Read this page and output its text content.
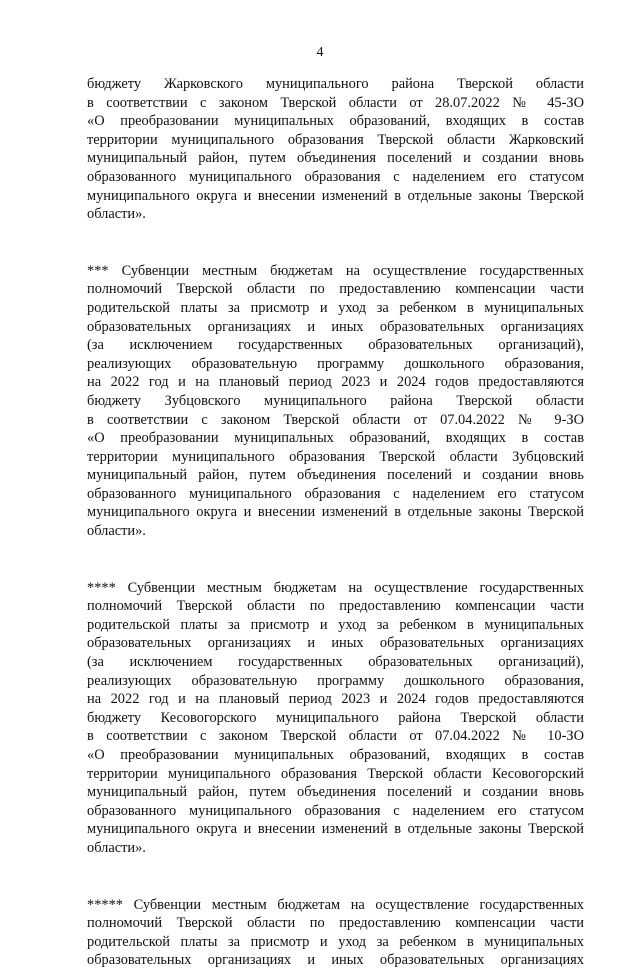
4
бюджету Жарковского муниципального района Тверской области
в соответствии с законом Тверской области от 28.07.2022 № 45-ЗО
«О преобразовании муниципальных образований, входящих в состав
территории муниципального образования Тверской области Жарковский
муниципальный район, путем объединения поселений и создании вновь
образованного муниципального образования с наделением его статусом
муниципального округа и внесении изменений в отдельные законы Тверской
области».
*** Субвенции местным бюджетам на осуществление государственных
полномочий Тверской области по предоставлению компенсации части
родительской платы за присмотр и уход за ребенком в муниципальных
образовательных организациях и иных образовательных организациях
(за исключением государственных образовательных организаций),
реализующих образовательную программу дошкольного образования,
на 2022 год и на плановый период 2023 и 2024 годов предоставляются
бюджету Зубцовского муниципального района Тверской области
в соответствии с законом Тверской области от 07.04.2022 № 9-ЗО
«О преобразовании муниципальных образований, входящих в состав
территории муниципального образования Тверской области Зубцовский
муниципальный район, путем объединения поселений и создании вновь
образованного муниципального образования с наделением его статусом
муниципального округа и внесении изменений в отдельные законы Тверской
области».
**** Субвенции местным бюджетам на осуществление государственных
полномочий Тверской области по предоставлению компенсации части
родительской платы за присмотр и уход за ребенком в муниципальных
образовательных организациях и иных образовательных организациях
(за исключением государственных образовательных организаций),
реализующих образовательную программу дошкольного образования,
на 2022 год и на плановый период 2023 и 2024 годов предоставляются
бюджету Кесовогорского муниципального района Тверской области
в соответствии с законом Тверской области от 07.04.2022 № 10-ЗО
«О преобразовании муниципальных образований, входящих в состав
территории муниципального образования Тверской области Кесовогорский
муниципальный район, путем объединения поселений и создании вновь
образованного муниципального образования с наделением его статусом
муниципального округа и внесении изменений в отдельные законы Тверской
области».
***** Субвенции местным бюджетам на осуществление государственных
полномочий Тверской области по предоставлению компенсации части
родительской платы за присмотр и уход за ребенком в муниципальных
образовательных организациях и иных образовательных организациях
